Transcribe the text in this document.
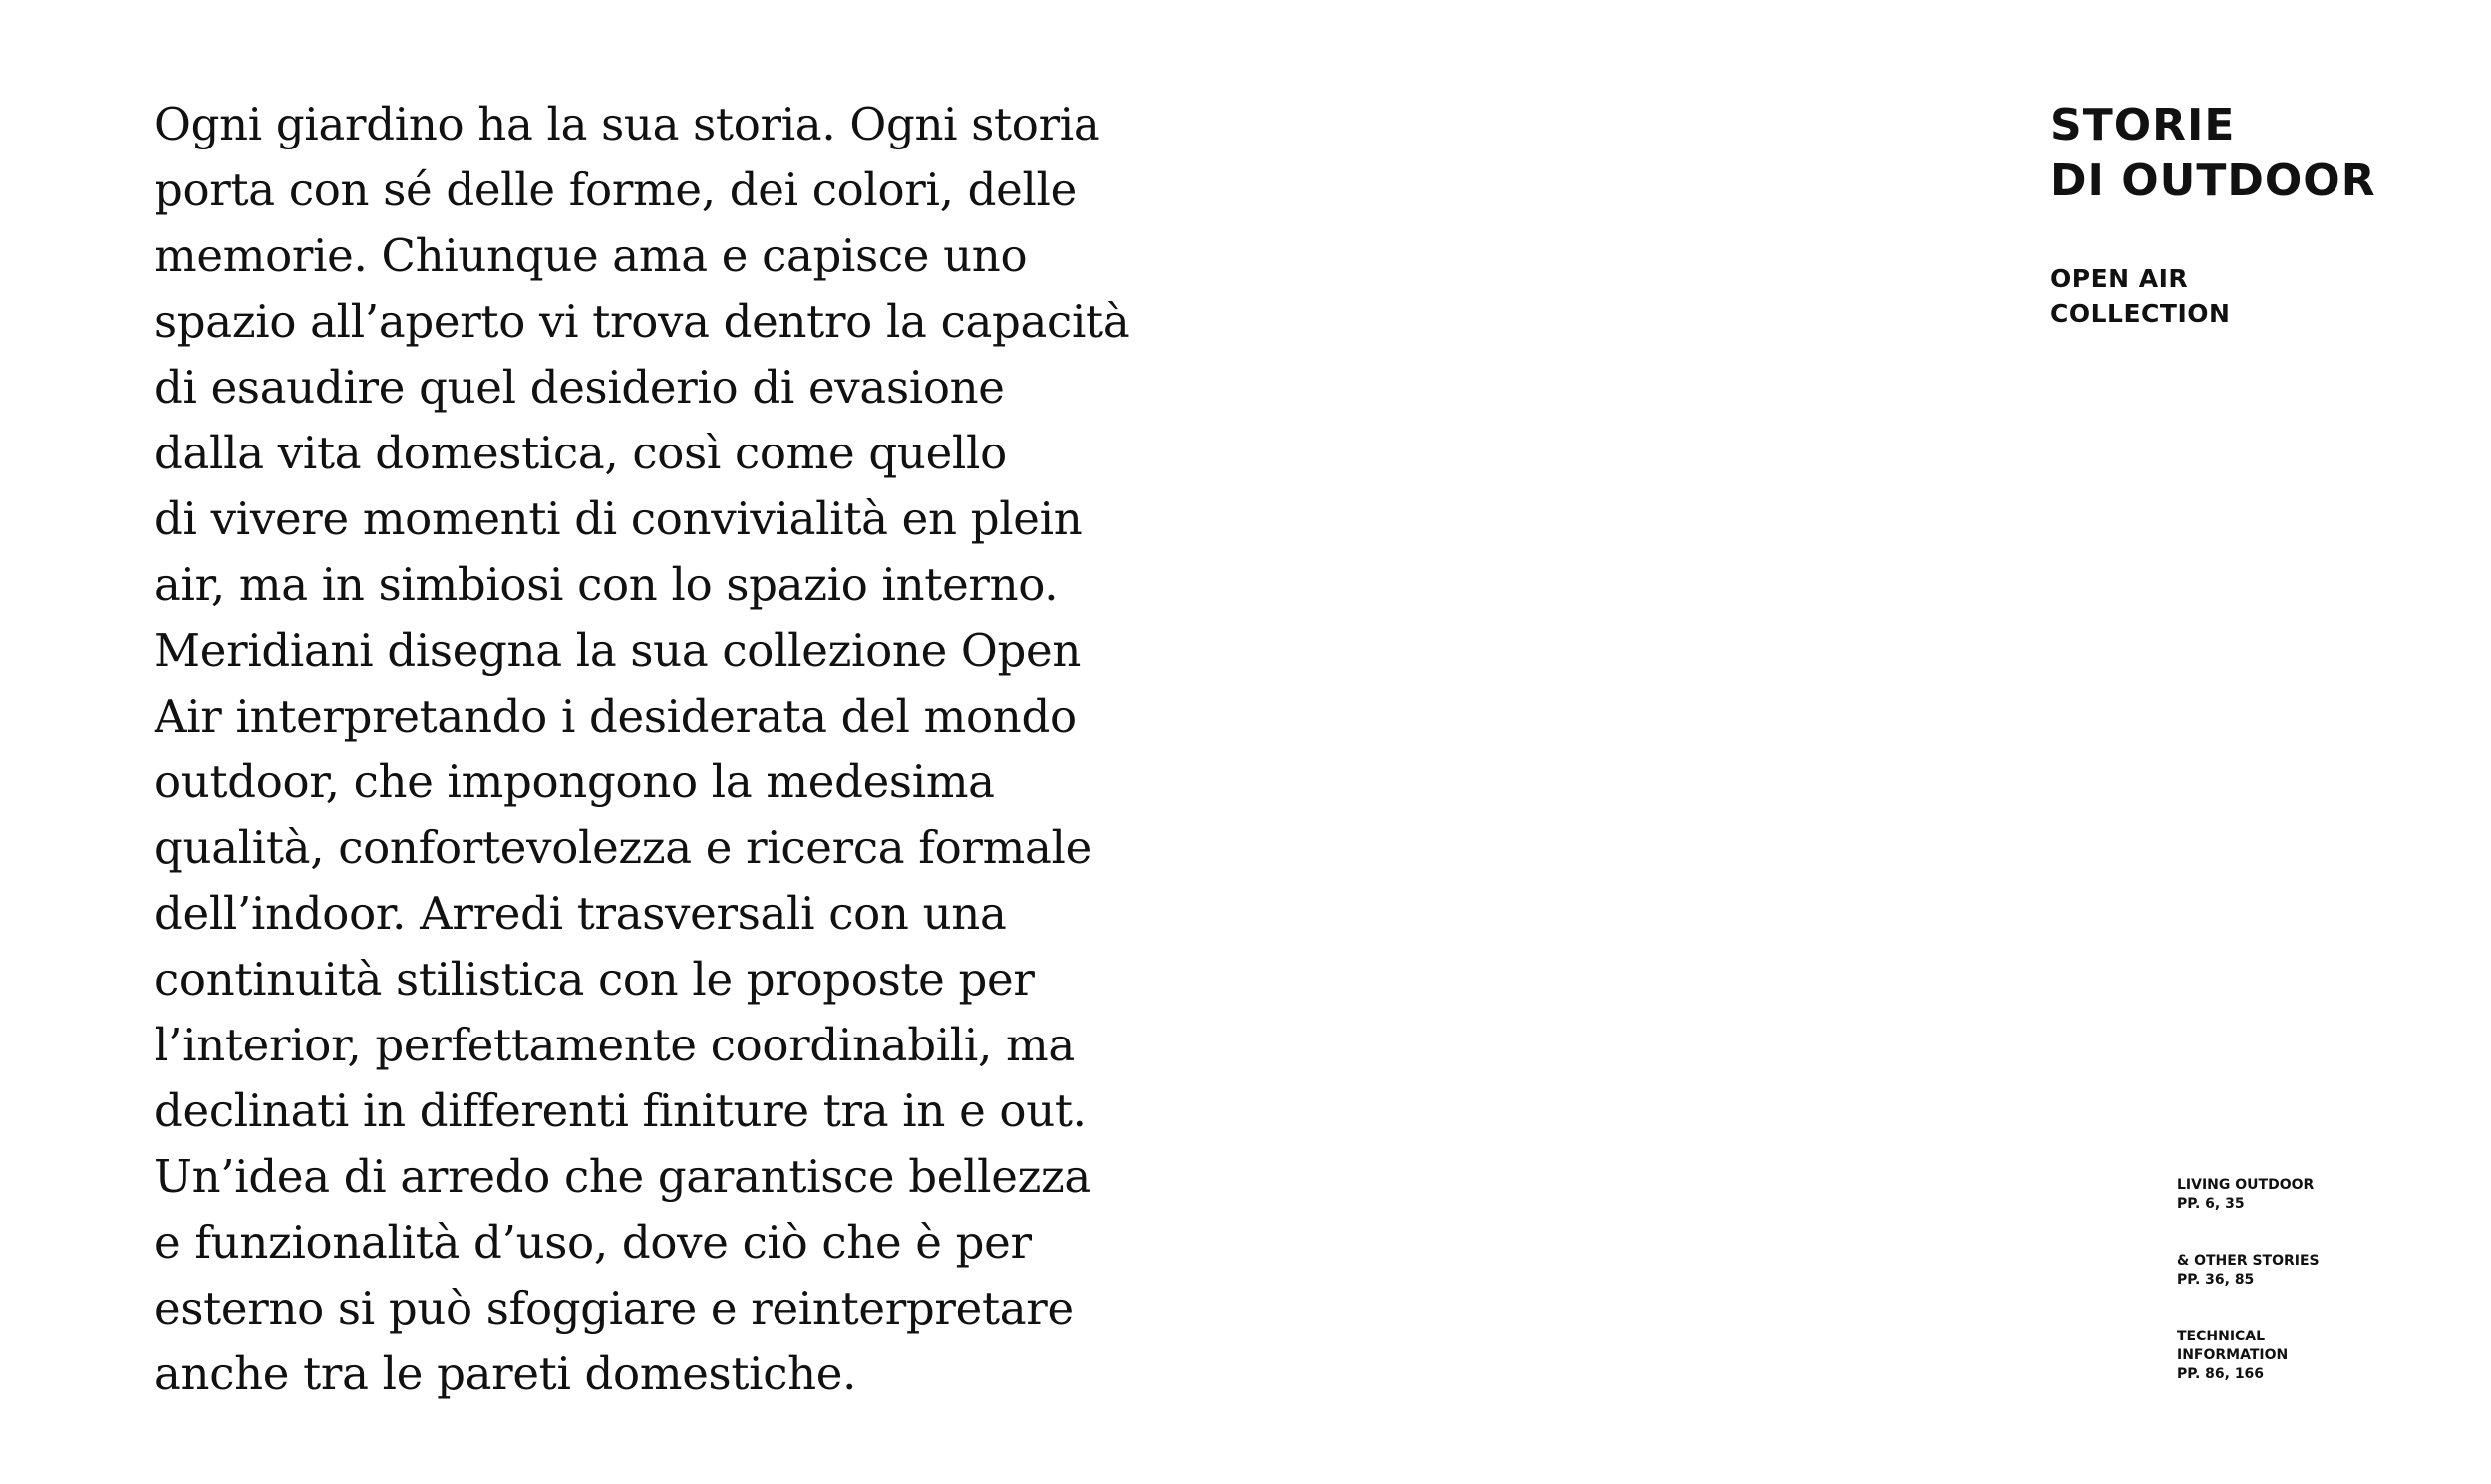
Ogni giardino ha la sua storia. Ogni storia
porta con sé delle forme, dei colori, delle
memorie. Chiunque ama e capisce uno
spazio all’aperto vi trova dentro la capacità
di esaudire quel desiderio di evasione
dalla vita domestica, così come quello
di vivere momenti di convivialità en plein
air, ma in simbiosi con lo spazio interno.
Meridiani disegna la sua collezione Open
Air interpretando i desiderata del mondo
outdoor, che impongono la medesima
qualità, confortevolezza e ricerca formale
dell’indoor. Arredi trasversali con una
continuità stilistica con le proposte per
l’interior, perfettamente coordinabili, ma
declinati in differenti finiture tra in e out.
Un’idea di arredo che garantisce bellezza
e funzionalità d’uso, dove ciò che è per
esterno si può sfoggiare e reinterpretare
anche tra le pareti domestiche.

STORIE
DI OUTDOOR
OPEN AIR
COLLECTION
LIVING OUTDOOR
PP. 6, 35
& OTHER STORIES
PP. 36, 85
TECHNICAL
INFORMATION
PP. 86, 166
